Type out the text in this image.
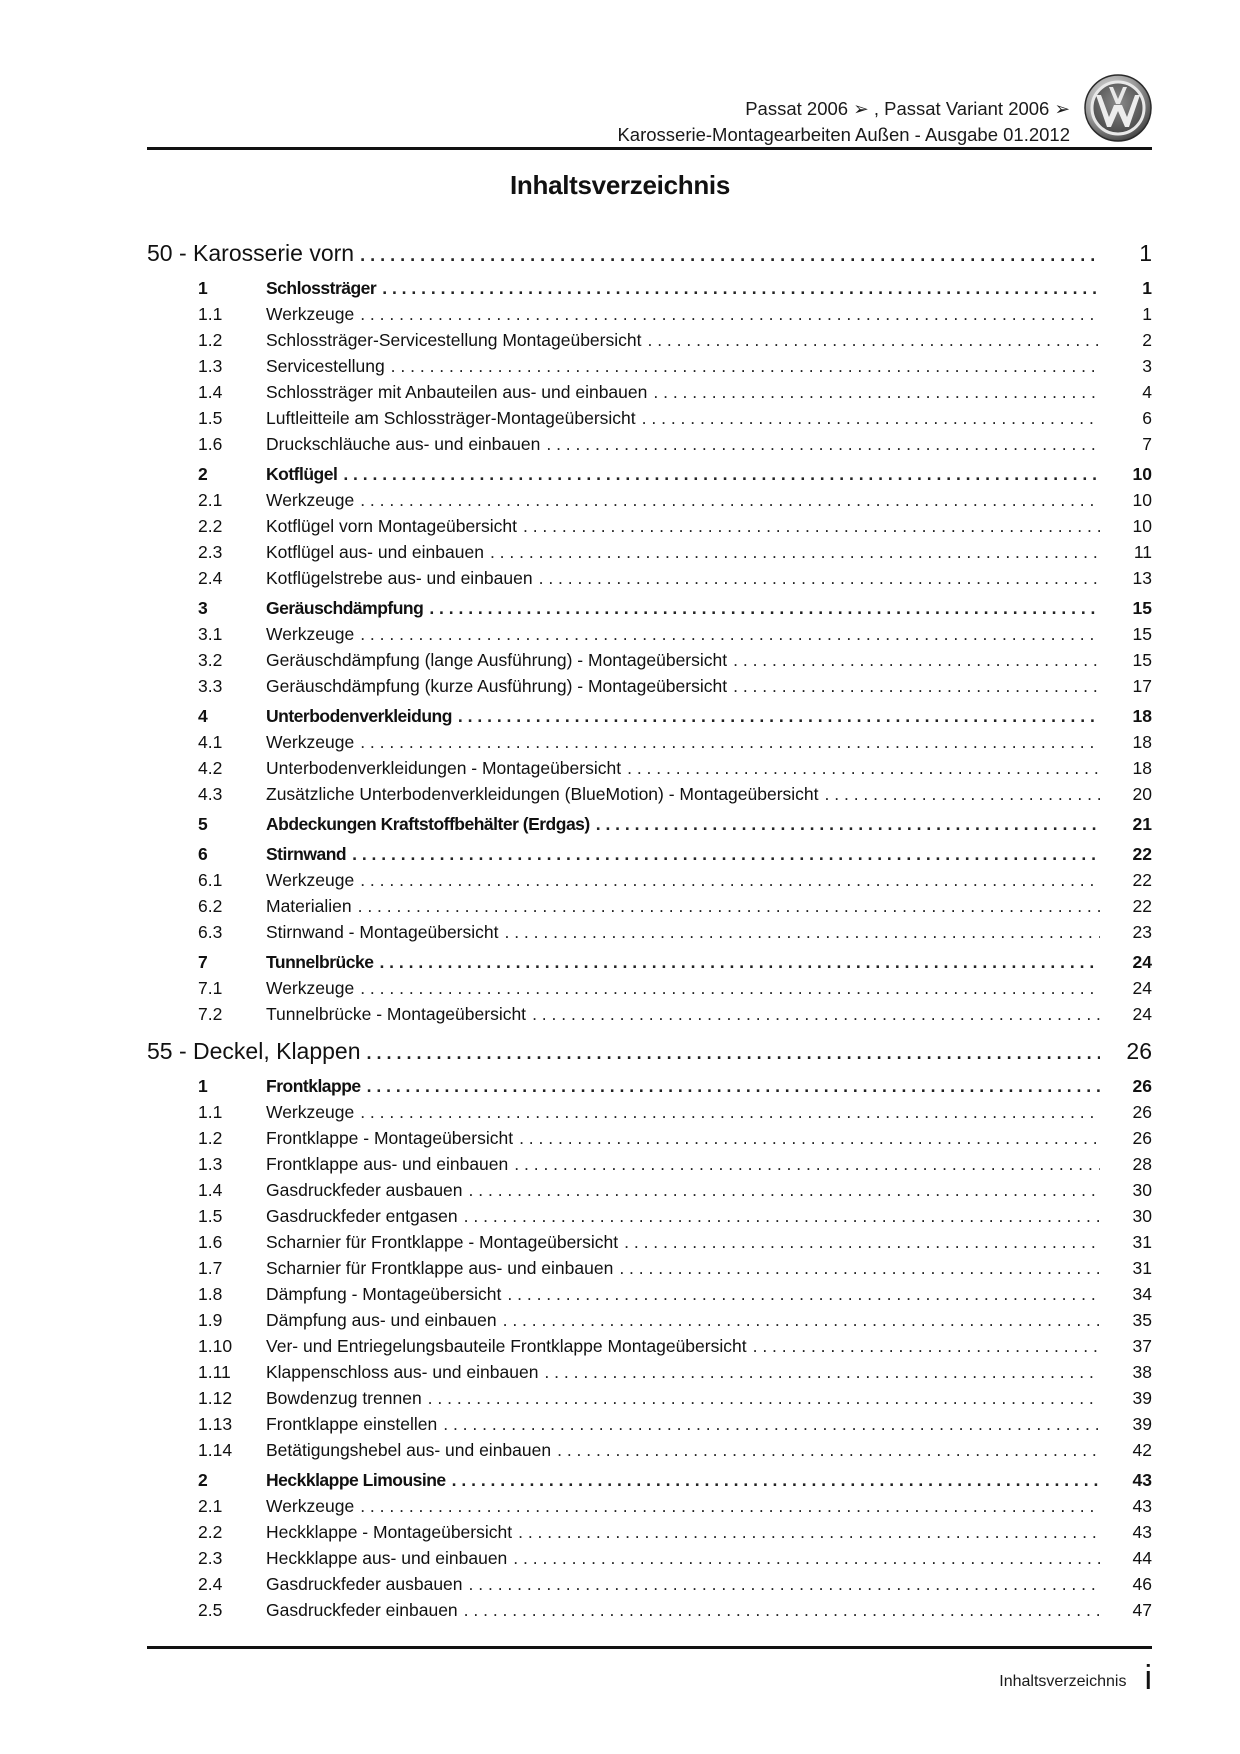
Passat 2006 ➢ , Passat Variant 2006 ➢
Karosserie-Montagearbeiten Außen - Ausgabe 01.2012
Inhaltsverzeichnis
50 - Karosserie vorn . . .	1
1	Schlossträger . . .	1
1.1	Werkzeuge . . .	1
1.2	Schlossträger-Servicestellung Montageübersicht . . .	2
1.3	Servicestellung . . .	3
1.4	Schlossträger mit Anbauteilen aus- und einbauen . . .	4
1.5	Luftleitteile am Schlossträger-Montageübersicht . . .	6
1.6	Druckschläuche aus- und einbauen . . .	7
2	Kotflügel . . .	10
2.1	Werkzeuge . . .	10
2.2	Kotflügel vorn Montageübersicht . . .	10
2.3	Kotflügel aus- und einbauen . . .	11
2.4	Kotflügelstrebe aus- und einbauen . . .	13
3	Geräuschdämpfung . . .	15
3.1	Werkzeuge . . .	15
3.2	Geräuschdämpfung (lange Ausführung) - Montageübersicht . . .	15
3.3	Geräuschdämpfung (kurze Ausführung) - Montageübersicht . . .	17
4	Unterbodenverkleidung . . .	18
4.1	Werkzeuge . . .	18
4.2	Unterbodenverkleidungen - Montageübersicht . . .	18
4.3	Zusätzliche Unterbodenverkleidungen (BlueMotion) - Montageübersicht . . .	20
5	Abdeckungen Kraftstoffbehälter (Erdgas) . . .	21
6	Stirnwand . . .	22
6.1	Werkzeuge . . .	22
6.2	Materialien . . .	22
6.3	Stirnwand - Montageübersicht . . .	23
7	Tunnelbrücke . . .	24
7.1	Werkzeuge . . .	24
7.2	Tunnelbrücke - Montageübersicht . . .	24
55 - Deckel, Klappen . . .	26
1	Frontklappe . . .	26
1.1	Werkzeuge . . .	26
1.2	Frontklappe - Montageübersicht . . .	26
1.3	Frontklappe aus- und einbauen . . .	28
1.4	Gasdruckfeder ausbauen . . .	30
1.5	Gasdruckfeder entgasen . . .	30
1.6	Scharnier für Frontklappe - Montageübersicht . . .	31
1.7	Scharnier für Frontklappe aus- und einbauen . . .	31
1.8	Dämpfung - Montageübersicht . . .	34
1.9	Dämpfung aus- und einbauen . . .	35
1.10	Ver- und Entriegelungsbauteile Frontklappe Montageübersicht . . .	37
1.11	Klappenschloss aus- und einbauen . . .	38
1.12	Bowdenzug trennen . . .	39
1.13	Frontklappe einstellen . . .	39
1.14	Betätigungshebel aus- und einbauen . . .	42
2	Heckklappe Limousine . . .	43
2.1	Werkzeuge . . .	43
2.2	Heckklappe - Montageübersicht . . .	43
2.3	Heckklappe aus- und einbauen . . .	44
2.4	Gasdruckfeder ausbauen . . .	46
2.5	Gasdruckfeder einbauen . . .	47
Inhaltsverzeichnis i
